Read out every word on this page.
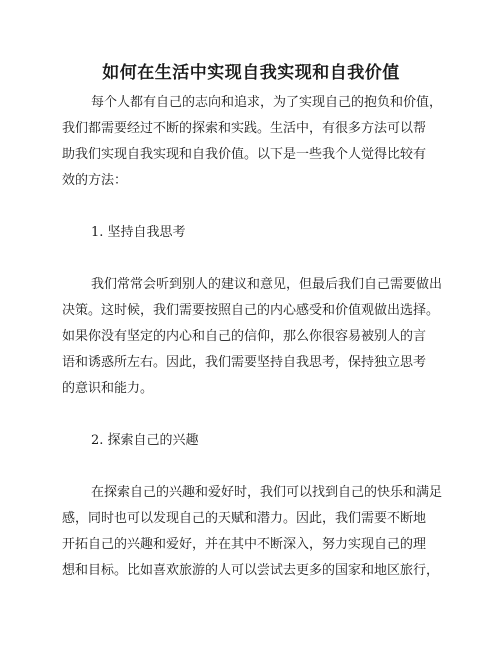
如何在生活中实现自我实现和自我价值
每个人都有自己的志向和追求，为了实现自己的抱负和价值，
我们都需要经过不断的探索和实践。生活中，有很多方法可以帮
助我们实现自我实现和自我价值。以下是一些我个人觉得比较有
效的方法：
1. 坚持自我思考
我们常常会听到别人的建议和意见，但最后我们自己需要做出
决策。这时候，我们需要按照自己的内心感受和价值观做出选择。
如果你没有坚定的内心和自己的信仰，那么你很容易被别人的言
语和诱惑所左右。因此，我们需要坚持自我思考，保持独立思考
的意识和能力。
2. 探索自己的兴趣
在探索自己的兴趣和爱好时，我们可以找到自己的快乐和满足
感，同时也可以发现自己的天赋和潜力。因此，我们需要不断地
开拓自己的兴趣和爱好，并在其中不断深入，努力实现自己的理
想和目标。比如喜欢旅游的人可以尝试去更多的国家和地区旅行，
